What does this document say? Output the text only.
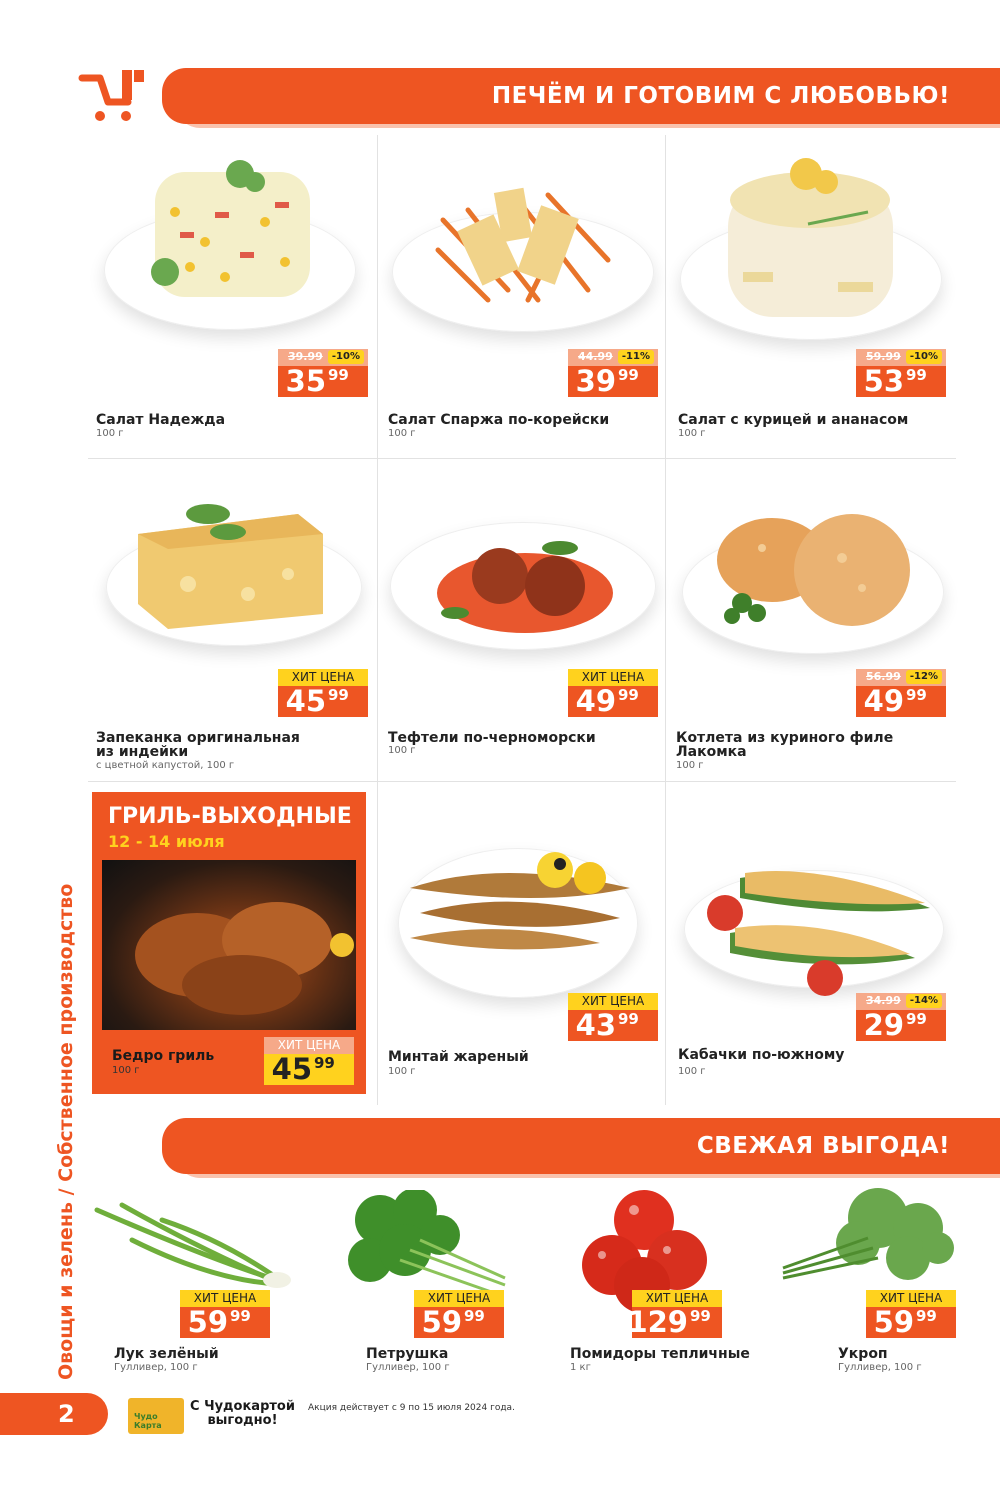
ПЕЧЁМ И ГОТОВИМ С ЛЮБОВЬЮ!
39.99 -10%
35 99
Салат Надежда
100 г
44.99 -11%
39 99
Салат Спаржа по-корейски
100 г
59.99 -10%
53 99
Салат с курицей и ананасом
100 г
ХИТ ЦЕНА
45 99
Запеканка оригинальная
из индейки
с цветной капустой, 100 г
ХИТ ЦЕНА
49 99
Тефтели по-черноморски
100 г
56.99 -12%
49 99
Котлета из куриного филе
Лакомка
100 г
ГРИЛЬ-ВЫХОДНЫЕ
12 - 14 июля
Бедро гриль
100 г
ХИТ ЦЕНА
45 99
ХИТ ЦЕНА
43 99
Минтай жареный
100 г
34.99 -14%
29 99
Кабачки по-южному
100 г
СВЕЖАЯ ВЫГОДА!
ХИТ ЦЕНА
59 99
Лук зелёный
Гулливер, 100 г
ХИТ ЦЕНА
59 99
Петрушка
Гулливер, 100 г
ХИТ ЦЕНА
129 99
Помидоры тепличные
1 кг
ХИТ ЦЕНА
59 99
Укроп
Гулливер, 100 г
Овощи и зелень / Собственное производство
2	Чудо Карта
С Чудокартой
выгодно!
Акция действует с 9 по 15 июля 2024 года.
